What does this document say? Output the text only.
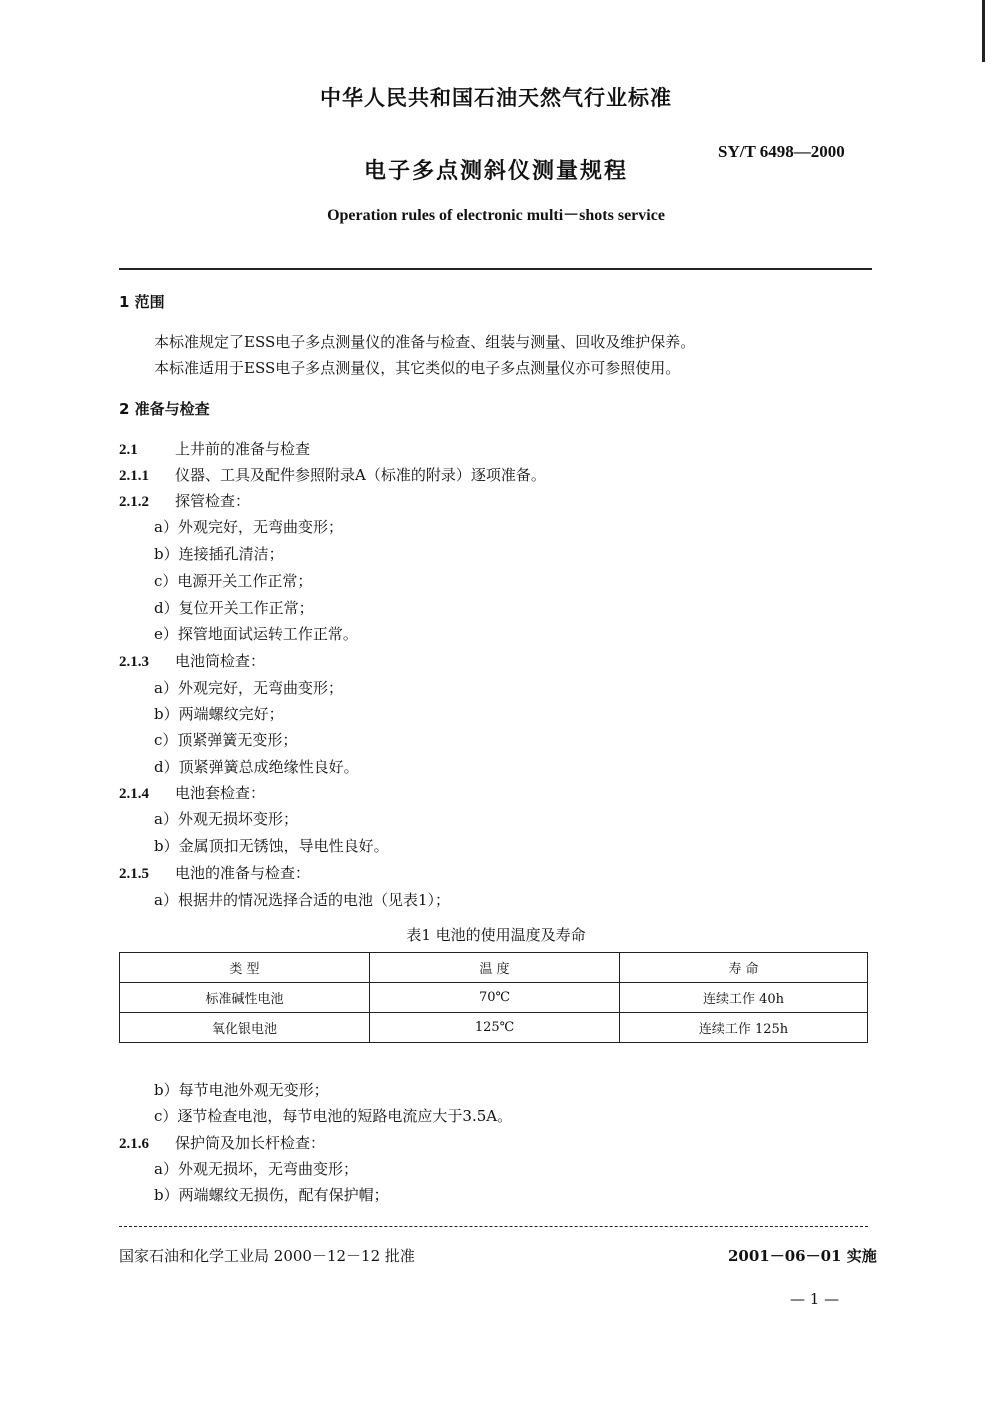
中华人民共和国石油天然气行业标准
SY/T 6498—2000
电子多点测斜仪测量规程
Operation rules of electronic multi－shots service
1 范围
本标准规定了ESS电子多点测量仪的准备与检查、组装与测量、回收及维护保养。
本标准适用于ESS电子多点测量仪，其它类似的电子多点测量仪亦可参照使用。
2 准备与检查
2.1 上井前的准备与检查
2.1.1 仪器、工具及配件参照附录A（标准的附录）逐项准备。
2.1.2 探管检查：
a）外观完好，无弯曲变形；
b）连接插孔清洁；
c）电源开关工作正常；
d）复位开关工作正常；
e）探管地面试运转工作正常。
2.1.3 电池筒检查：
a）外观完好，无弯曲变形；
b）两端螺纹完好；
c）顶紧弹簧无变形；
d）顶紧弹簧总成绝缘性良好。
2.1.4 电池套检查：
a）外观无损坏变形；
b）金属顶扣无锈蚀，导电性良好。
2.1.5 电池的准备与检查：
a）根据井的情况选择合适的电池（见表1）；
表1 电池的使用温度及寿命
类 型	温 度	寿 命
标准碱性电池	70℃	连续工作 40h
氧化银电池	125℃	连续工作 125h
b）每节电池外观无变形；
c）逐节检查电池，每节电池的短路电流应大于3.5A。
2.1.6 保护筒及加长杆检查：
a）外观无损坏，无弯曲变形；
b）两端螺纹无损伤，配有保护帽；
国家石油和化学工业局 2000－12－12 批准	2001－06－01 实施
— 1 —
